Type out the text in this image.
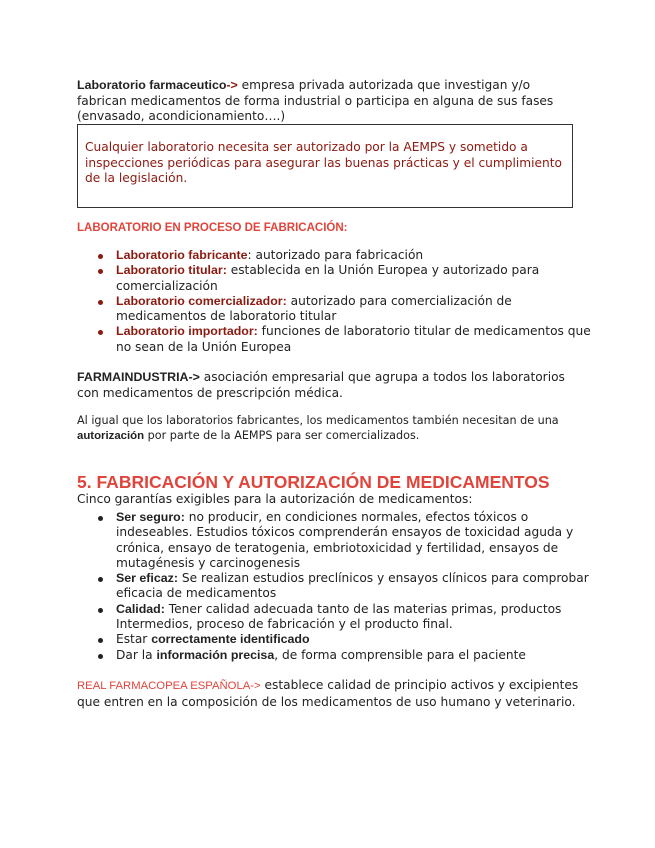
Laboratorio farmaceutico-> empresa privada autorizada que investigan y/o fabrican medicamentos de forma industrial o participa en alguna de sus fases (envasado, acondicionamiento….)

Cualquier laboratorio necesita ser autorizado por la AEMPS y sometido a inspecciones periódicas para asegurar las buenas prácticas y el cumplimiento de la legislación.
LABORATORIO EN PROCESO DE FABRICACIÓN:
Laboratorio fabricante: autorizado para fabricación
Laboratorio titular: establecida en la Unión Europea y autorizado para comercialización
Laboratorio comercializador: autorizado para comercialización de medicamentos de laboratorio titular
Laboratorio importador: funciones de laboratorio titular de medicamentos que no sean de la Unión Europea

FARMAINDUSTRIA-> asociación empresarial que agrupa a todos los laboratorios con medicamentos de prescripción médica.

Al igual que los laboratorios fabricantes, los medicamentos también necesitan de una autorización por parte de la AEMPS para ser comercializados.

5. FABRICACIÓN Y AUTORIZACIÓN DE MEDICAMENTOS

Cinco garantías exigibles para la autorización de medicamentos:

Ser seguro: no producir, en condiciones normales, efectos tóxicos o indeseables. Estudios tóxicos comprenderán ensayos de toxicidad aguda y crónica, ensayo de teratogenia, embriotoxicidad y fertilidad, ensayos de mutagénesis y carcinogenesis
Ser eficaz: Se realizan estudios preclínicos y ensayos clínicos para comprobar eficacia de medicamentos
Calidad: Tener calidad adecuada tanto de las materias primas, productos Intermedios, proceso de fabricación y el producto final.
Estar correctamente identificado
Dar la información precisa, de forma comprensible para el paciente

REAL FARMACOPEA ESPAÑOLA-> establece calidad de principio activos y excipientes que entren en la composición de los medicamentos de uso humano y veterinario.
